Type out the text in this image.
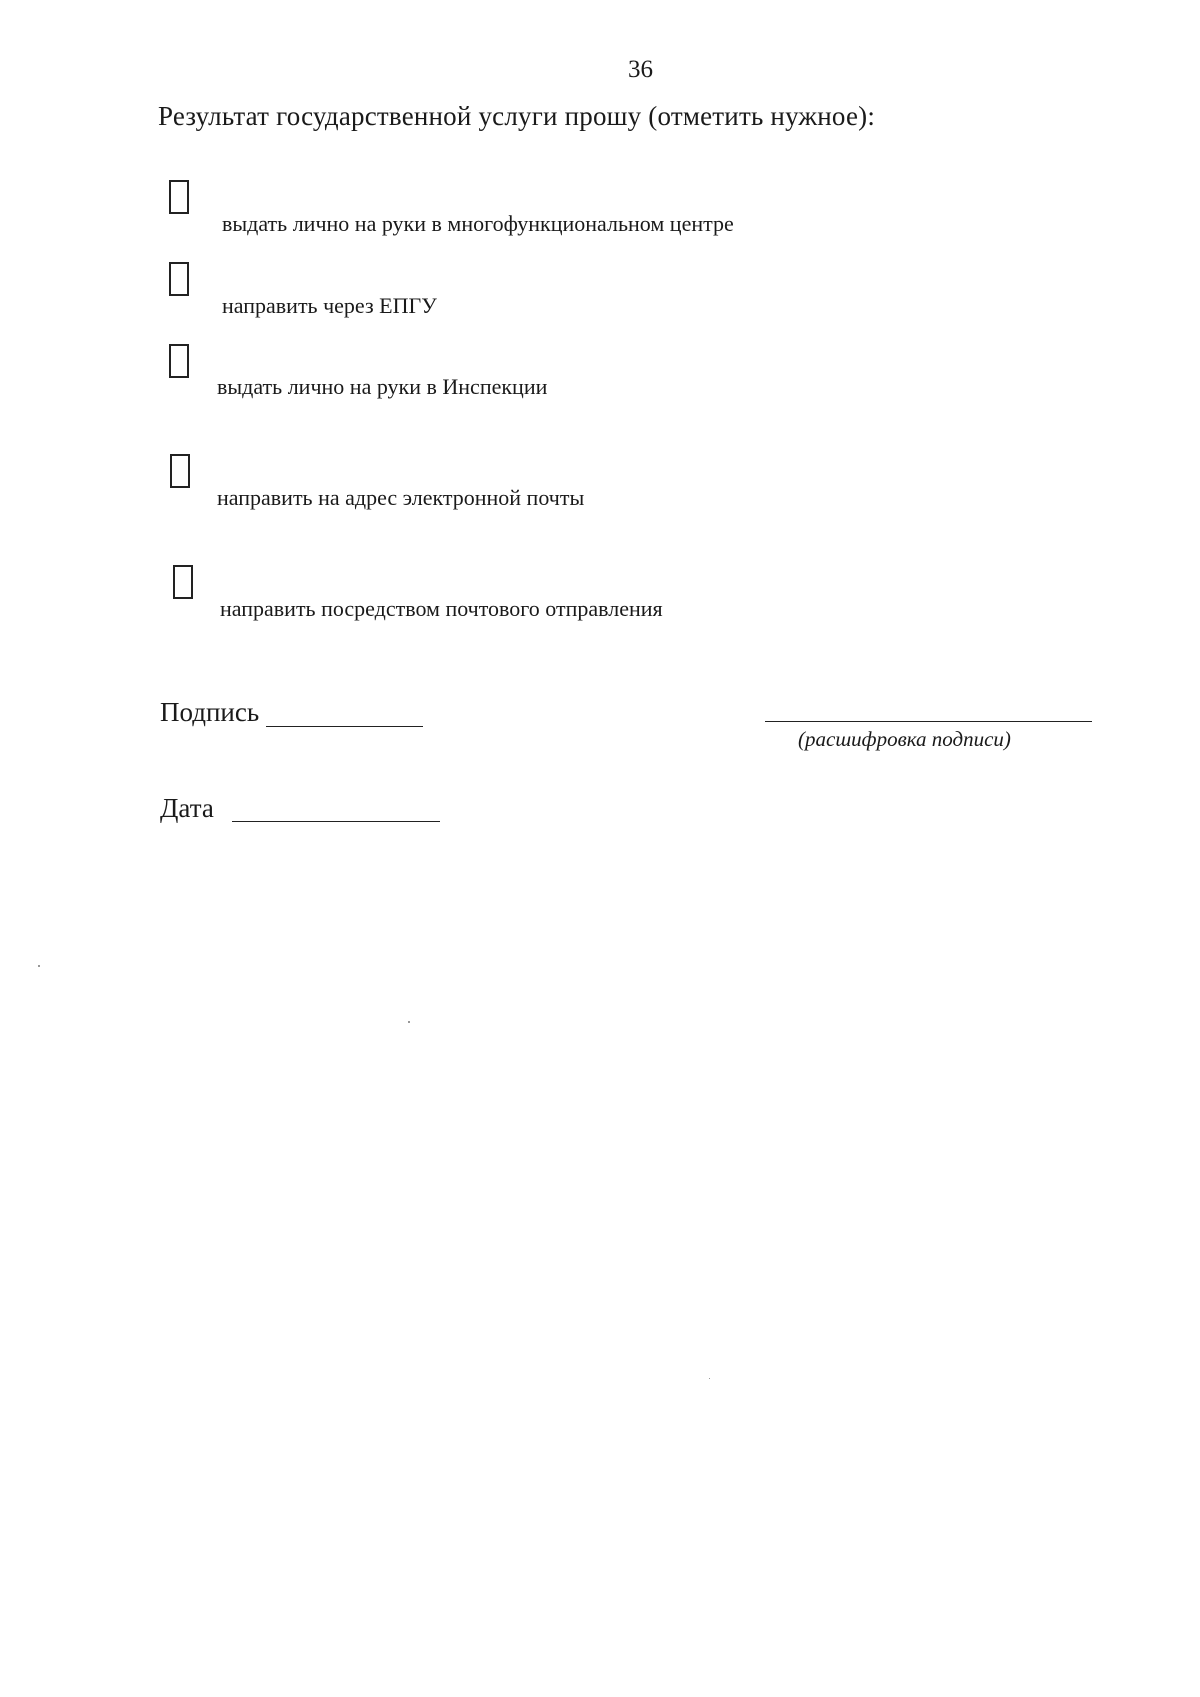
36
Результат государственной услуги прошу (отметить нужное):
выдать лично на руки в многофункциональном центре
направить через ЕПГУ
выдать лично на руки в Инспекции
направить на адрес электронной почты
направить посредством почтового отправления
Подпись
(расшифровка подписи)
Дата
